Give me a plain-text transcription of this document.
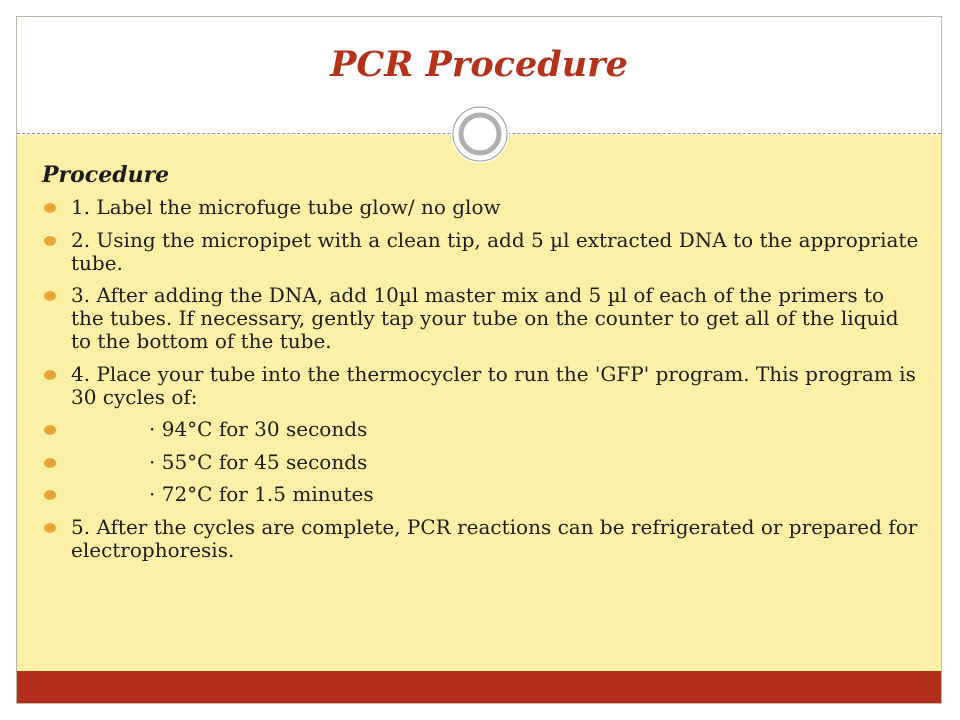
PCR Procedure
Procedure
1. Label the microfuge tube glow/ no glow
2. Using the micropipet with a clean tip, add 5 µl extracted DNA to the appropriate tube.
3. After adding the DNA, add 10µl master mix and 5 µl of each of the primers to the tubes. If necessary, gently tap your tube on the counter to get all of the liquid to the bottom of the tube.
4. Place your tube into the thermocycler to run the 'GFP' program. This program is 30 cycles of:
· 94°C for 30 seconds
· 55°C for 45 seconds
· 72°C for 1.5 minutes
5. After the cycles are complete, PCR reactions can be refrigerated or prepared for electrophoresis.
